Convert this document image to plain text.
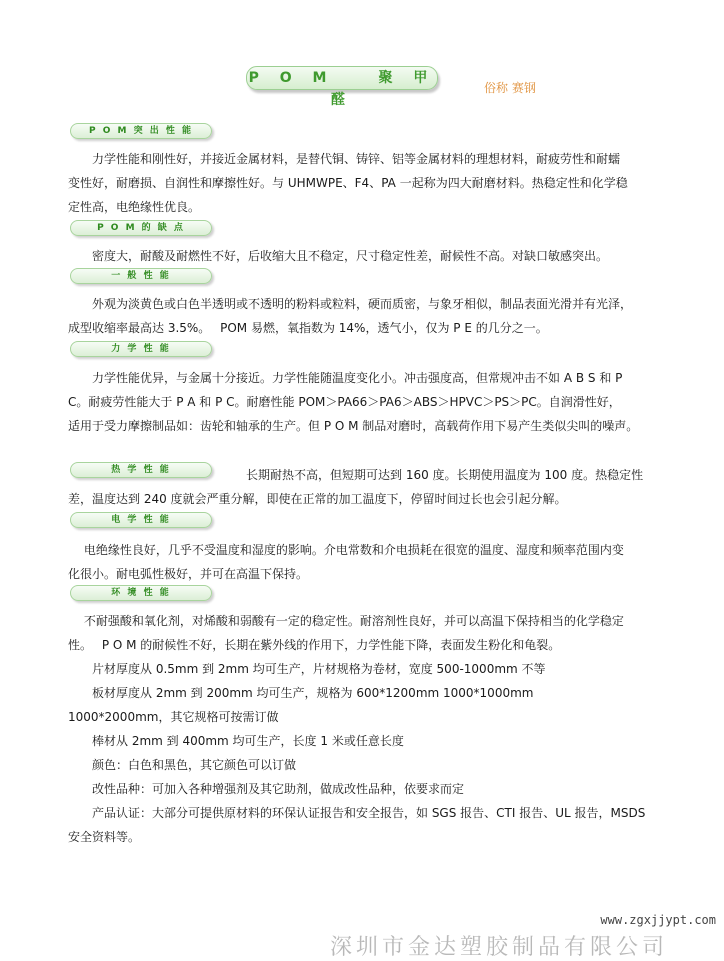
P O M　　聚 甲 醛
俗称 赛钢
P O M 突 出 性 能
　　力学性能和刚性好，并接近金属材料，是替代铜、铸锌、铝等金属材料的理想材料，耐疲劳性和耐蠕
变性好，耐磨损、自润性和摩擦性好。与 UHMWPE、F4、PA 一起称为四大耐磨材料。热稳定性和化学稳
定性高，电绝缘性优良。
P O M 的 缺 点
　　密度大，耐酸及耐燃性不好，后收缩大且不稳定，尺寸稳定性差，耐候性不高。对缺口敏感突出。
一 般 性 能
　　外观为淡黄色或白色半透明或不透明的粉料或粒料，硬而质密，与象牙相似，制品表面光滑并有光泽，
成型收缩率最高达 3.5%。　 POM 易燃，氧指数为 14%，透气小，仅为 P E 的几分之一。
力 学 性 能
　　力学性能优异，与金属十分接近。力学性能随温度变化小。冲击强度高，但常规冲击不如 A B S 和 P
C。耐疲劳性能大于 P A 和 P C。耐磨性能 POM＞PA66＞PA6＞ABS＞HPVC＞PS＞PC。自润滑性好，
适用于受力摩擦制品如：齿轮和轴承的生产。但 P O M 制品对磨时，高载荷作用下易产生类似尖叫的噪声。
热 学 性 能	长期耐热不高，但短期可达到 160 度。长期使用温度为 100 度。热稳定性
差，温度达到 240 度就会严重分解，即使在正常的加工温度下，停留时间过长也会引起分解。
电 学 性 能
　 电绝缘性良好，几乎不受温度和湿度的影响。介电常数和介电损耗在很宽的温度、湿度和频率范围内变
化很小。耐电弧性极好，并可在高温下保持。
环 境 性 能
　 不耐强酸和氧化剂，对烯酸和弱酸有一定的稳定性。耐溶剂性良好，并可以高温下保持相当的化学稳定
性。　 P O M 的耐候性不好，长期在紫外线的作用下，力学性能下降，表面发生粉化和龟裂。
　　片材厚度从 0.5mm 到 2mm 均可生产，片材规格为卷材，宽度 500-1000mm 不等
　　板材厚度从 2mm 到 200mm 均可生产，规格为 600*1200mm 1000*1000mm
1000*2000mm，其它规格可按需订做
　　棒材从 2mm 到 400mm 均可生产，长度 1 米或任意长度
　　颜色：白色和黑色，其它颜色可以订做
　　改性品种：可加入各种增强剂及其它助剂，做成改性品种，依要求而定
　　产品认证：大部分可提供原材料的环保认证报告和安全报告，如 SGS 报告、CTI 报告、UL 报告，MSDS
安全资料等。
www.zgxjjypt.com
深圳市金达塑胶制品有限公司
